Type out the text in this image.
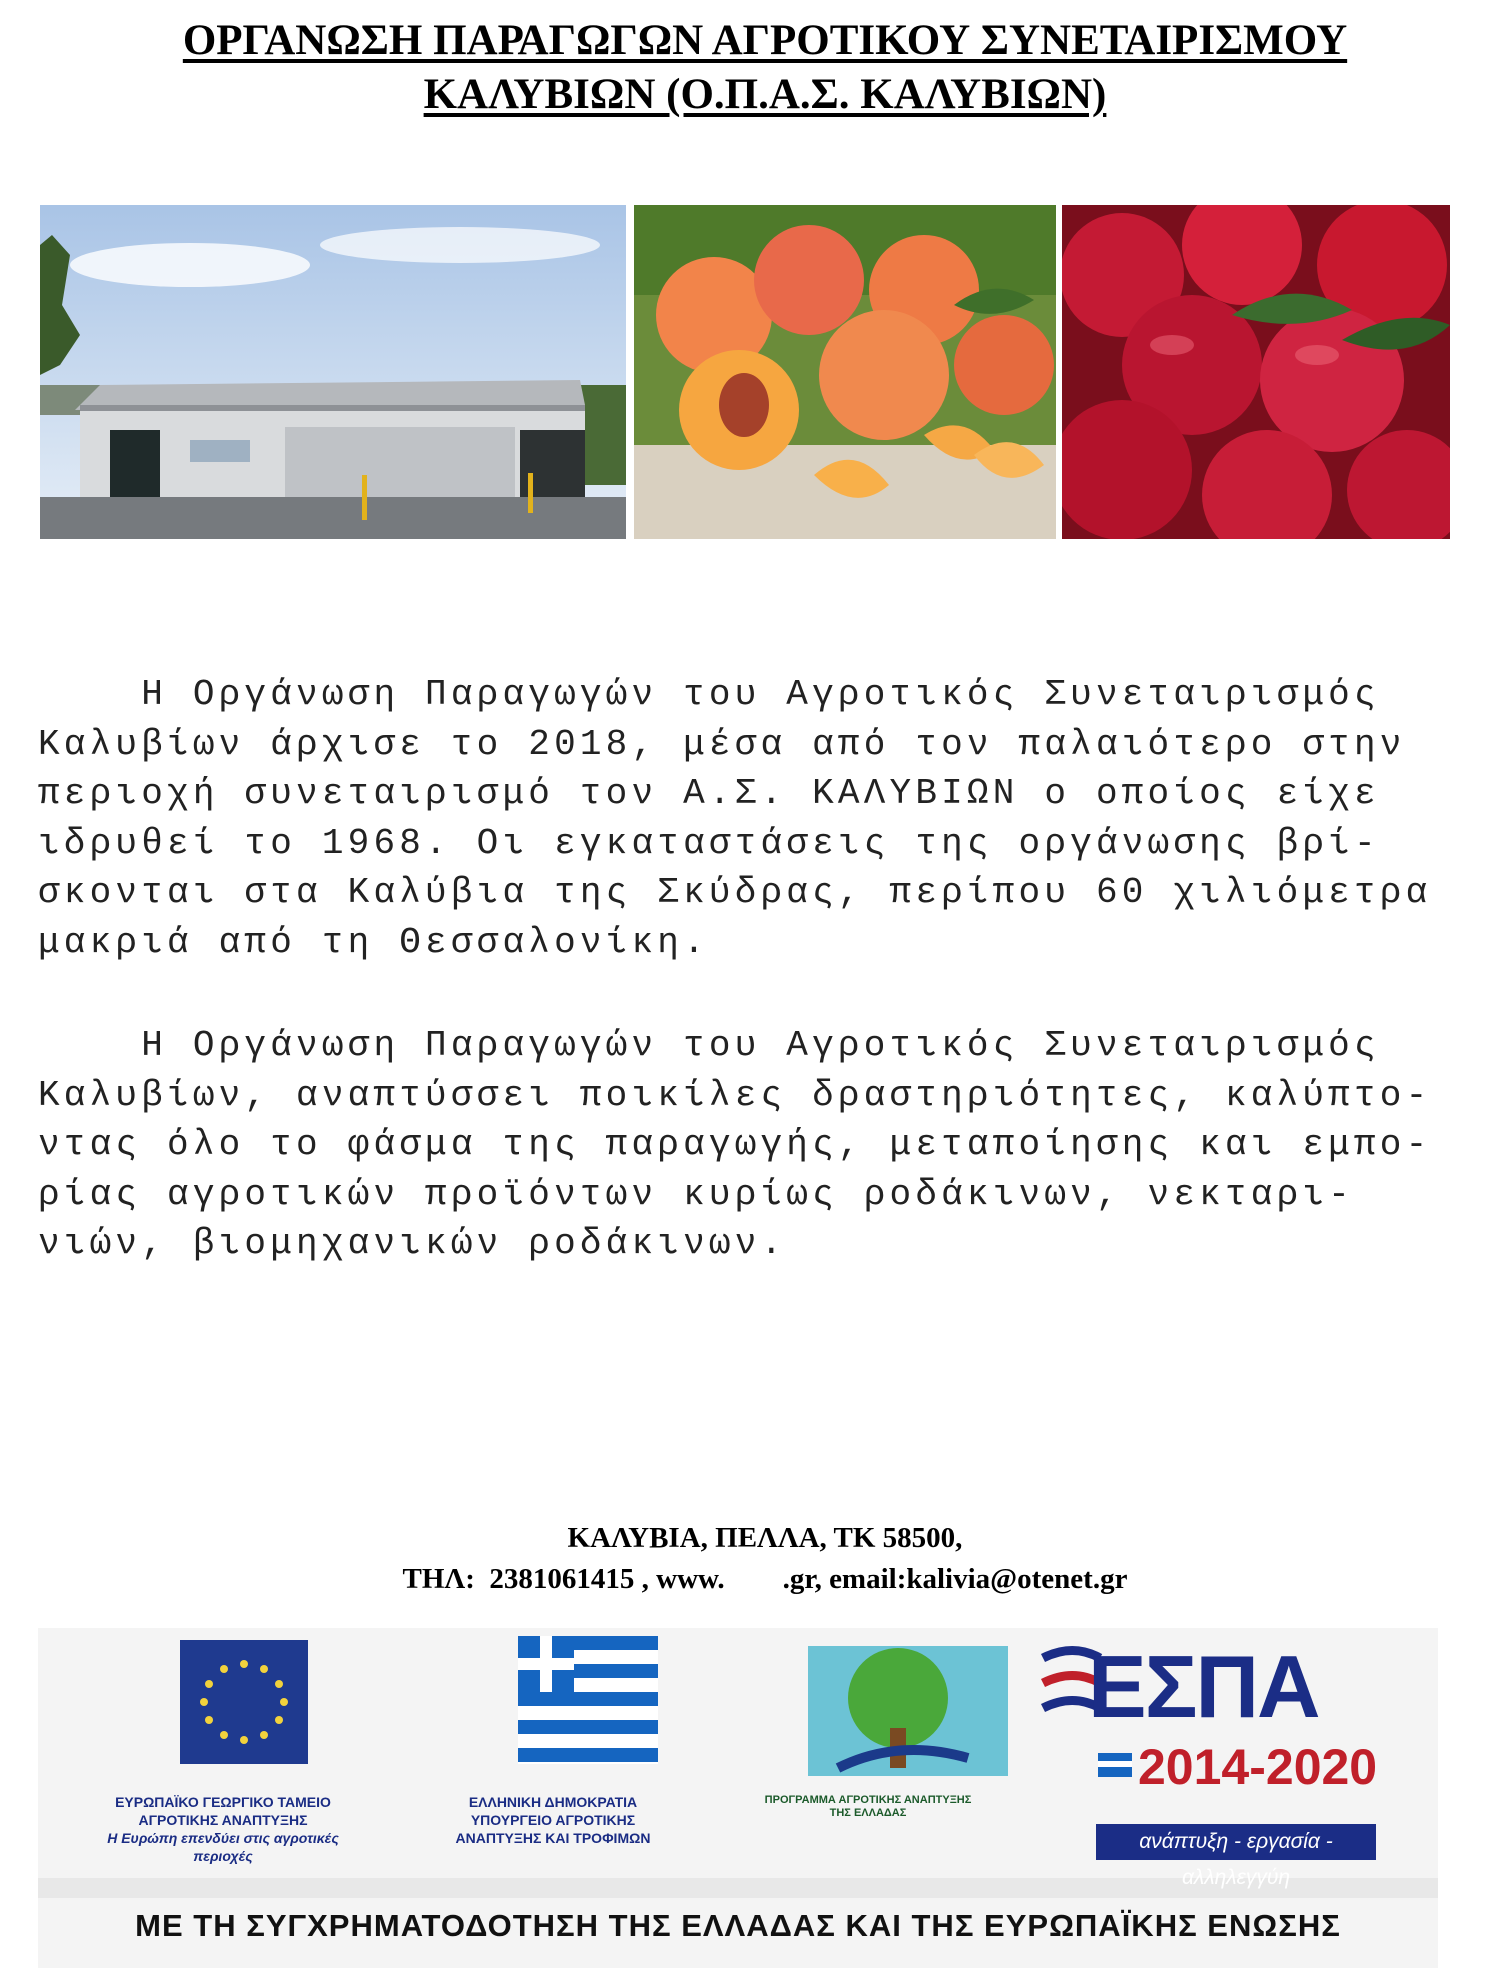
ΟΡΓΑΝΩΣΗ ΠΑΡΑΓΩΓΩΝ ΑΓΡΟΤΙΚΟΥ ΣΥΝΕΤΑΙΡΙΣΜΟΥ
ΚΑΛΥΒΙΩΝ (Ο.Π.Α.Σ. ΚΑΛΥΒΙΩΝ)

Η Οργάνωση Παραγωγών του Αγροτικός Συνεταιρισμός

Καλυβίων άρχισε το 2018, μέσα από τον παλαιότερο στην

περιοχή συνεταιρισμό τον Α.Σ. ΚΑΛΥΒΙΩΝ ο οποίος είχε

ιδρυθεί το 1968. Οι εγκαταστάσεις της οργάνωσης βρί-

σκονται στα Καλύβια της Σκύδρας, περίπου 60 χιλιόμετρα

μακριά από τη Θεσσαλονίκη.

Η Οργάνωση Παραγωγών του Αγροτικός Συνεταιρισμός

Καλυβίων, αναπτύσσει ποικίλες δραστηριότητες, καλύπτο-

ντας όλο το φάσμα της παραγωγής, μεταποίησης και εμπο-

ρίας αγροτικών προϊόντων κυρίως ροδάκινων, νεκταρι-

νιών, βιομηχανικών ροδάκινων.

ΚΑΛΥΒΙΑ, ΠΕΛΛΑ, ΤΚ 58500,
ΤΗΛ:  2381061415 , www.        .gr, email:kalivia@otenet.gr
ΕΥΡΩΠΑΪΚΟ ΓΕΩΡΓΙΚΟ ΤΑΜΕΙΟ ΑΓΡΟΤΙΚΗΣ ΑΝΑΠΤΥΞΗΣ
Η Ευρώπη επενδύει στις αγροτικές περιοχές
ΕΛΛΗΝΙΚΗ ΔΗΜΟΚΡΑΤΙΑ
ΥΠΟΥΡΓΕΙΟ ΑΓΡΟΤΙΚΗΣ ΑΝΑΠΤΥΞΗΣ ΚΑΙ ΤΡΟΦΙΜΩΝ
ΠΡΟΓΡΑΜΜΑ ΑΓΡΟΤΙΚΗΣ ΑΝΑΠΤΥΞΗΣ
ΤΗΣ ΕΛΛΑΔΑΣ
ΕΣΠΑ
2014-2020
ανάπτυξη - εργασία - αλληλεγγύη
ΜΕ ΤΗ ΣΥΓΧΡΗΜΑΤΟΔΟΤΗΣΗ ΤΗΣ ΕΛΛΑΔΑΣ ΚΑΙ ΤΗΣ ΕΥΡΩΠΑΪΚΗΣ ΕΝΩΣΗΣ
